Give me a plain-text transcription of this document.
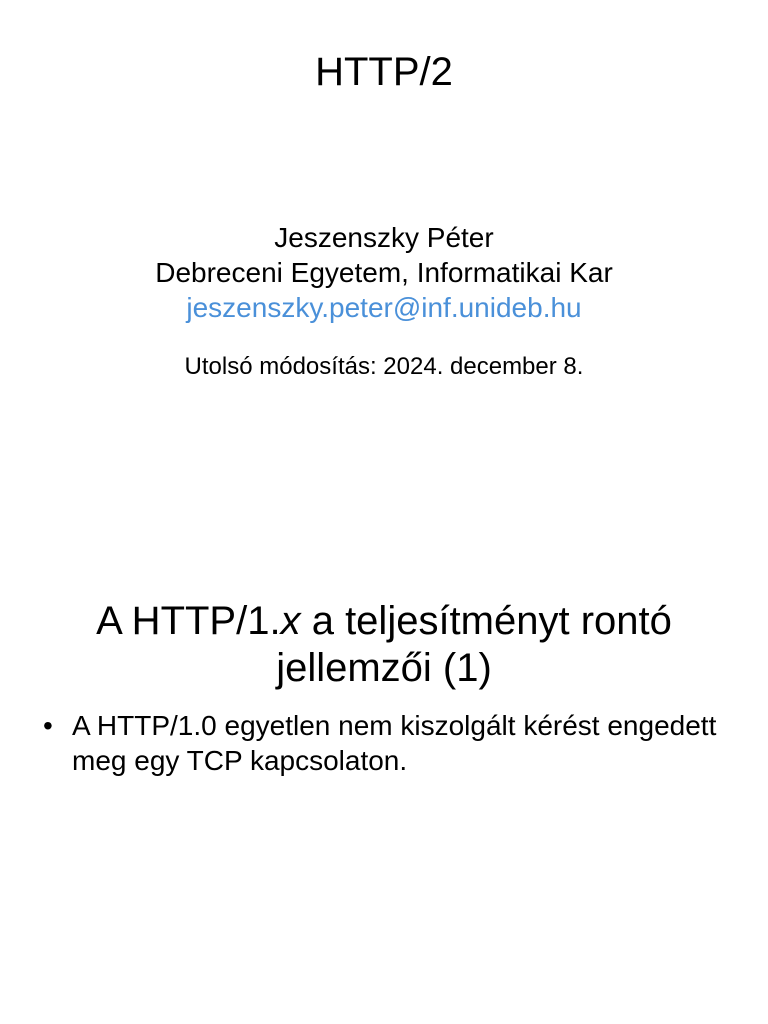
HTTP/2
Jeszenszky Péter
Debreceni Egyetem, Informatikai Kar
jeszenszky.peter@inf.unideb.hu
Utolsó módosítás: 2024. december 8.
A HTTP/1.x a teljesítményt rontó
jellemzői (1)
• A HTTP/1.0 egyetlen nem kiszolgált kérést engedett meg egy TCP kapcsolaton.
